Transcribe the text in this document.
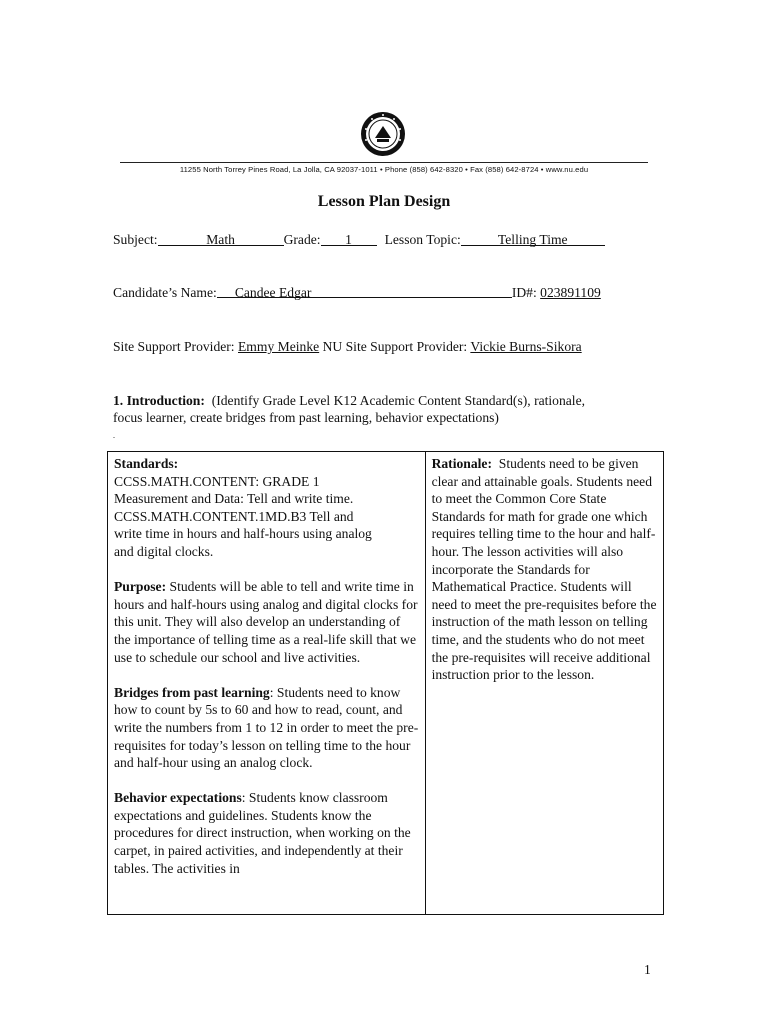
11255 North Torrey Pines Road, La Jolla, CA 92037-1011 • Phone (858) 642-8320 • Fax (858) 642-8724 • www.nu.edu
Lesson Plan Design
Subject:	Math	Grade: 1 Lesson Topic:	Telling Time
Candidate’s Name: Candee Edgar	ID#: 023891109
Site Support Provider: Emmy Meinke NU Site Support Provider: Vickie Burns-Sikora
1. Introduction: (Identify Grade Level K12 Academic Content Standard(s), rationale,
focus learner, create bridges from past learning, behavior expectations)
.
Standards:
CCSS.MATH.CONTENT: GRADE 1
Measurement and Data: Tell and write time.
CCSS.MATH.CONTENT.1MD.B3 Tell and
write time in hours and half-hours using analog
and digital clocks.
Purpose: Students will be able to tell and write time in hours and half-hours using analog and digital clocks for this unit. They will also develop an understanding of the importance of telling time as a real-life skill that we use to schedule our school and live activities.
Bridges from past learning: Students need to know how to count by 5s to 60 and how to read, count, and write the numbers from 1 to 12 in order to meet the pre-requisites for today’s lesson on telling time to the hour and half-hour using an analog clock.
Behavior expectations: Students know classroom expectations and guidelines. Students know the procedures for direct instruction, when working on the carpet, in paired activities, and independently at their tables. The activities in
	Rationale: Students need to be given clear and attainable goals. Students need to meet the Common Core State Standards for math for grade one which requires telling time to the hour and half-hour. The lesson activities will also incorporate the Standards for Mathematical Practice. Students will need to meet the pre-requisites before the instruction of the math lesson on telling time, and the students who do not meet the pre-requisites will receive additional instruction prior to the lesson.
1
